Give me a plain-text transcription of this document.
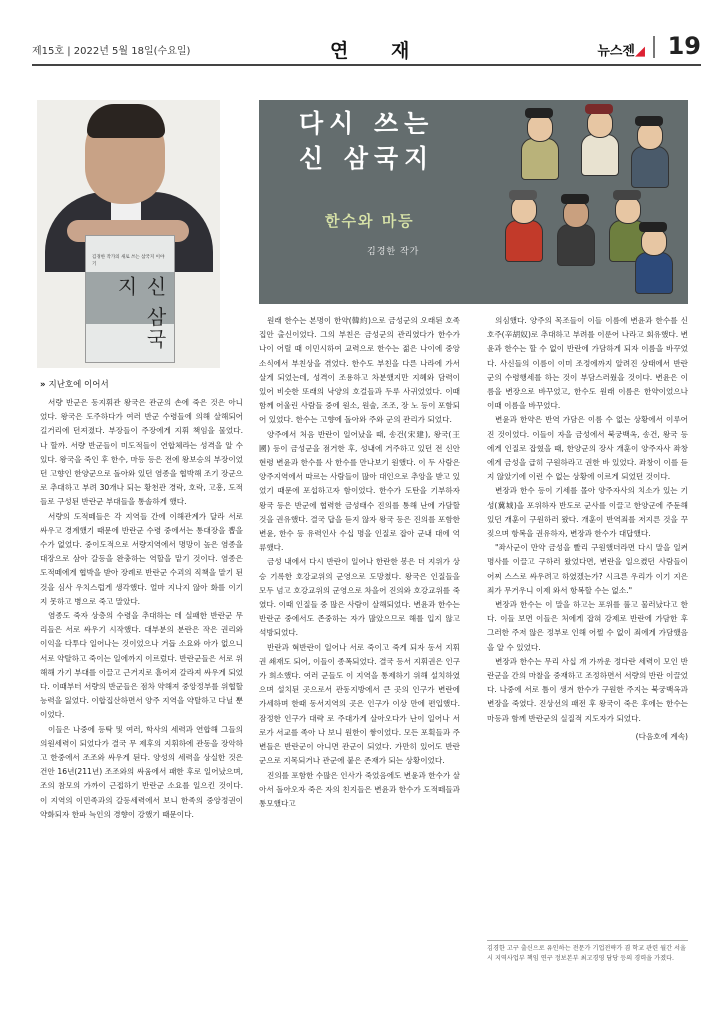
제15호 | 2022년 5월 18일(수요일)	연 재	뉴스젠◢ 19
김경한 작가의 새로 쓰는 삼국지 이야기
신 삼국지
다시 쓰는
신 삼국지
한수와 마등
김경한 작가
» 지난호에 이어서

서량 반군은 동지휘관 왕국은 관군의 손에 죽은 것은 아니었다. 왕국은 도주하다가 여러 반군 수령들에 의해 살해되어 길거리에 던져졌다. 부장들이 주장에게 지휘 책임을 물었다. 나 할까. 서량 반군들이 미도적들이 연합체라는 성격을 알 수 있다. 왕국을 죽인 후 한수, 마등 등은 전에 왕보승의 부장이었던 고향인 한양군으로 돌아와 있던 염종을 협박해 조기 장군으로 추대하고 부려 30개나 되는 황천관 경락, 호락, 고흥, 도적들로 구성된 반란군 부대들을 통솔하게 했다.

서량의 도적떼들은 각 지역들 간에 이해관계가 달라 서로 싸우고 경계했기 때문에 반란군 수령 중에서는 통대장을 뽑을 수가 없었다. 중이도적으로 서량지역에서 명망이 높은 염종을 대장으로 삼아 갈등을 완충하는 역할을 맡기 것이다. 염종은 도적떼에게 협박을 받아 장례로 반란군 수괴의 직책을 맡기 된 것을 심사 우치스럽게 생각했다. 얼마 지나지 않아 화를 이기지 못하고 병으로 죽고 말았다.

염종도 죽자 상층의 수령을 추대하는 데 실패한 반란군 무리들은 서로 싸우기 시작했다. 대부분의 분란은 작은 권리와 이익을 다투다 일어나는 것이었으나 거듭 소요와 아가 없으니 서로 약탈하고 죽이는 일에까지 이르렀다. 반란군들은 서로 위해해 가기 부대를 이끌고 근거지로 흩어져 갈라져 싸우게 되었다. 이때부터 서량의 반군들은 점차 약해져 중앙정부를 위협할 능력을 잃었다. 이합집산하면서 양주 지역을 약탈하고 다닐 뿐이었다.

이들은 나중에 등탁 및 여러, 학사의 세력과 연합해 그들의 의원세력이 되었다가 결국 무 제후의 지휘하에 관동을 장악하고 한중에서 조조와 싸우게 된다. 양성의 세력을 상실한 것은 건안 16년(211년) 조조와의 싸움에서 패한 후로 일어났으며, 조의 참모의 가까이 근접하기 반란군 소요를 일으킨 것이다. 이 지역의 이민족과의 갈등세력에서 보니 한족의 중앙정권이 약화되자 한파 늑인의 경향이 강했기 때문이다.

원래 한수는 본명이 한약(韓約)으로 금성군의 오래된 호족 집안 출신이었다. 그의 부친은 금성군의 관리였다가 한수가 나이 어릴 때 이민시하여 교력으로 한수는 젊은 나이에 중앙 소식에서 부친상을 겪었다. 한수도 부친을 다른 나라에 가서 살게 되었는데, 성격이 조용하고 차분했지만 지혜와 담력이 있어 비슷한 또래의 낙양의 호걸들과 두루 사귀었었다. 이때 함께 어울린 사람들 중에 원소, 원술, 조조, 장 노 등이 포함되어 있었다. 한수는 고향에 돌아와 주와 군의 관리가 되었다.

양주에서 처음 반란이 일어났을 때, 송건(宋建), 왕국(王國) 등이 금성군을 점거한 후, 성내에 거주하고 있던 전 신안현령 변윤과 한수를 사 한수를 만나보기 원했다. 이 두 사람은 양주지역에서 따르는 사람들이 많아 대인으로 추앙을 받고 있었기 때문에 포섭하고자 함이었다. 한수가 도탄을 기부하자 왕국 등은 반군에 협력한 금성태수 진의를 통해 난에 가담할 것을 권유했다. 결국 답을 듣지 않자 왕국 등은 진의를 포함한 변윤, 한수 등 유력인사 수십 명을 인질로 잡아 군내 대에 억류했다.

금성 내에서 다시 반란이 일어나 한란한 봉은 더 지위가 상승 기록한 호강교위의 군영으로 도망쳤다. 왕국은 인질들을 모두 넘고 호강교위의 군영으로 차을어 진의와 호강교위를 죽였다. 이때 인질들 중 많은 사람이 살해되었다. 변윤과 한수는 반란군 중에서도 존중하는 자가 많았으므로 해를 입지 않고 석방되었다.

반란과 혁반란이 일어나 서로 죽이고 죽게 되자 동서 지휘권 쇄재도 되어, 이들이 종폭되었다. 결국 등서 지휘권은 인구가 희소했다. 여러 군들도 이 지역을 통제하기 위해 설치하였으며 설치된 곳으로서 관동지방에서 큰 곳의 인구가 변란에 가세하며 한때 동서지역의 곳은 인구가 이상 만에 편입했다. 잠정한 인구가 대략 로 주대가게 살아오다가 난이 일어나 서로가 서교를 족아 나 보니 원한이 쌓이었다. 모든 포획들과 주변들은 반란군이 아니면 관군이 되었다. 가만히 있어도 반란군으로 지목되거나 관군에 붙은 존재가 되는 상황이었다.

진의를 포함한 수많은 인사가 죽었음에도 변윤과 한수가 살아서 돌아오자 죽은 자의 친지들은 변윤과 한수가 도적떼들과 통모했다고

의심했다. 양주의 목조들이 이들 이름에 변윤과 한수를 신호주(辛胡奴)로 추대하고 부려를 이룬어 나라고 회유했다. 변윤과 한수는 할 수 없이 반란에 가담하게 되자 이름을 바꾸었다. 사신들의 이름이 이미 조정에까지 알려진 상태에서 반란군의 수령행세를 하는 것이 부담스러웠을 것이다. 변윤은 이름을 변장으로 바꾸었고, 한수도 원래 이름은 한약이었으나 이때 이름을 바꾸었다.

변윤과 한약은 반역 가담은 이름 수 없는 상황에서 이루어진 것이었다. 이들이 자을 금성에서 북궁백옥, 송건, 왕국 등에게 인질로 잡혔을 때, 한양군의 장사 개훈이 양주자사 좌창에게 금성을 급히 구원하라고 권한 바 있었다. 좌창이 이를 듣지 않았기에 이런 수 없는 상황에 이르게 되었던 것이다.

변장과 한수 등이 기세를 몰아 양주자사의 치소가 있는 기성(冀城)을 포위하자 반도로 군사를 이끌고 한양군에 주둔해 있던 개훈이 구원하러 왔다. 개훈이 반역죄를 저지른 것을 꾸짖으며 항복을 권유하자, 변장과 한수가 대답했다.

"좌사군이 만약 금성을 빨리 구원했더라면 다시 말을 일켜 명사를 이끌고 구하러 왔었다면, 변란을 일으켰던 사람들이 어찌 스스로 싸우려고 하였겠는가? 시크른 우리가 이기 지은 죄가 무거우니 이제 와서 항복할 수는 없소."

변장과 한수는 이 말을 하고는 포위를 풀고 물러났다고 한다. 이들 보면 이들은 처에게 잡혀 강제로 반란에 가담한 후 그러한 주저 않은 정부로 인해 어쩔 수 없이 죄에게 가담했음을 알 수 있었다.

변장과 한수는 무리 사십 개 가까운 정다란 세력이 모인 반란군을 간의 마찰을 중재하고 조정하면서 서량의 반란 이끌었다. 나중에 서로 틈이 생겨 한수가 구원한 주지는 북궁백옥과 변장을 죽였다. 진상선의 패전 후 왕국이 죽은 후에는 한수는 마등과 함께 반란군의 실질적 지도자가 되었다.

(다음호에 계속)

김경한 고구 출신으로 유인하는 전문가 기업전략가 겸 학교 관련 월간 서울 시 지역사업부 책임 연구 정보본부 최고경영 담당 등의 경력을 가졌다.
